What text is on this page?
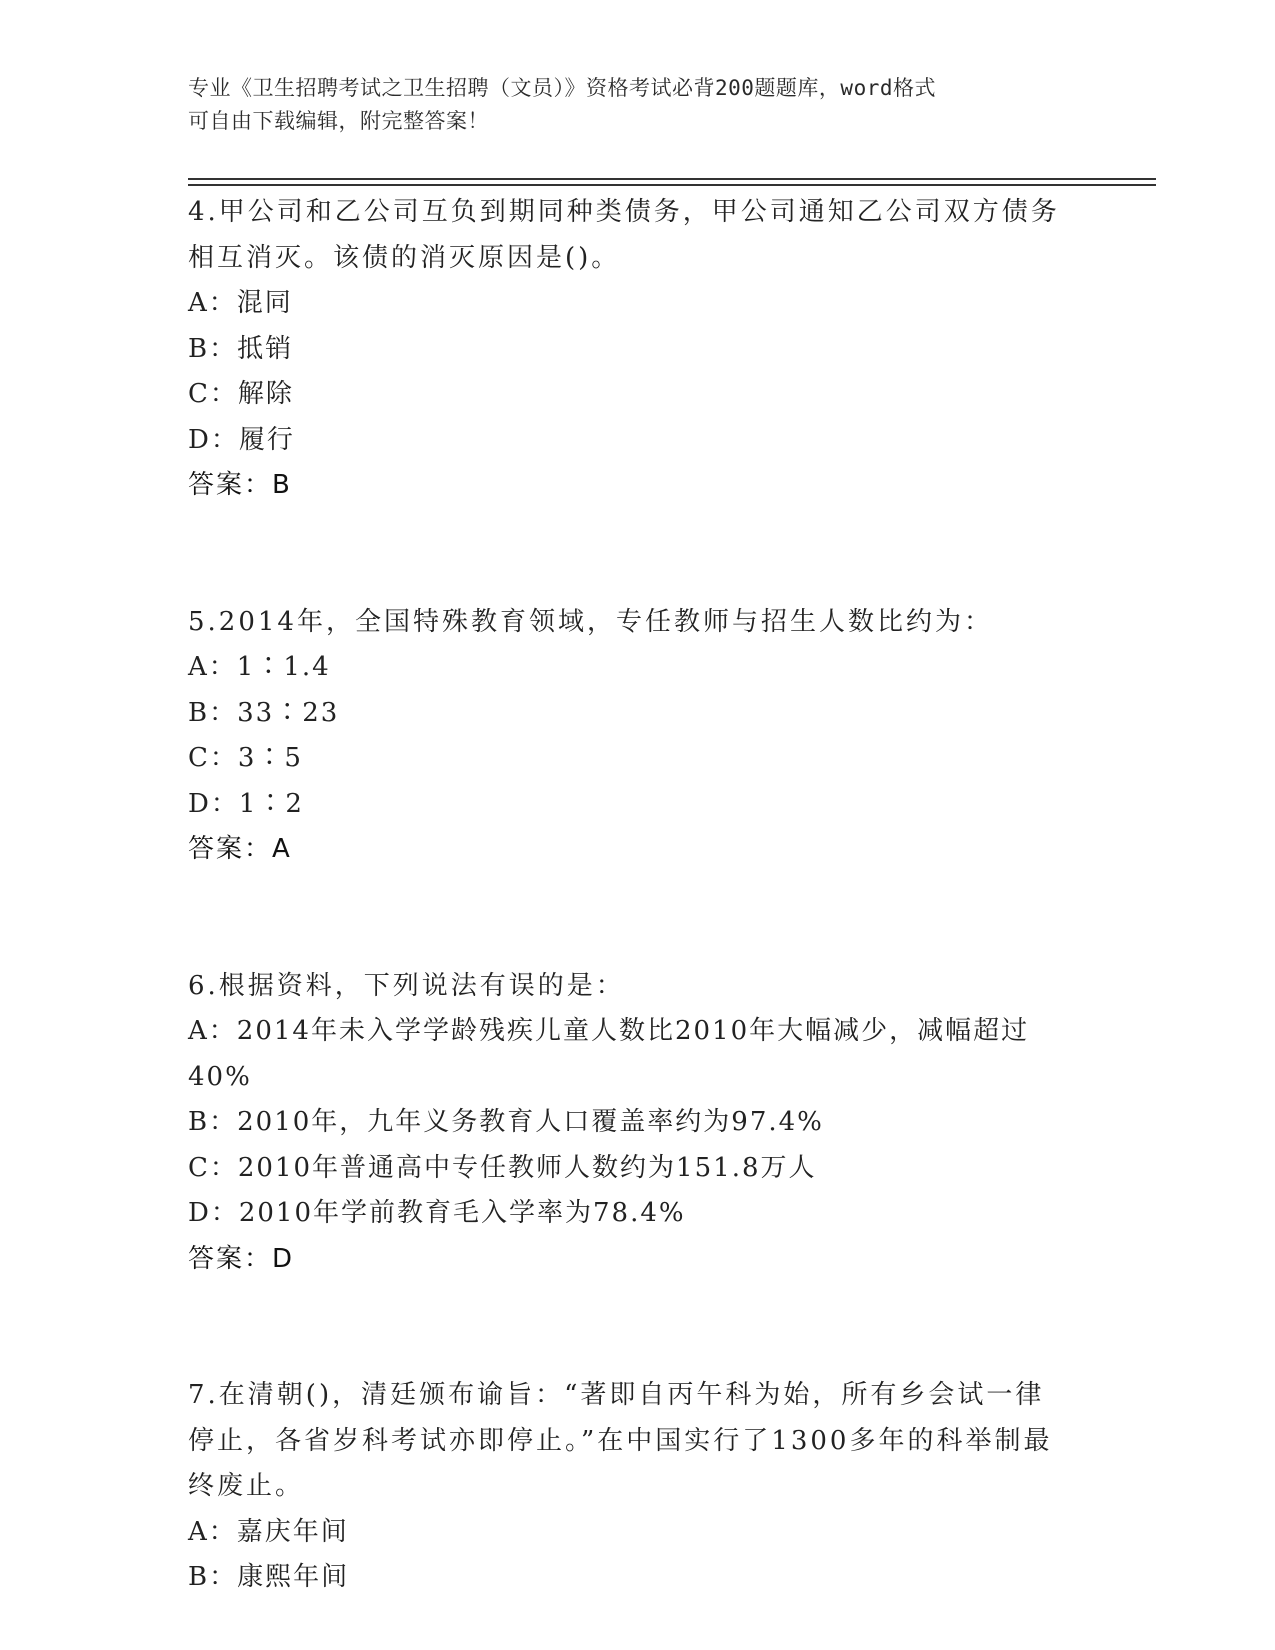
专业《卫生招聘考试之卫生招聘（文员）》资格考试必背200题题库，word格式
可自由下载编辑，附完整答案！
4.甲公司和乙公司互负到期同种类债务，甲公司通知乙公司双方债务
相互消灭。该债的消灭原因是()。
A：混同
B：抵销
C：解除
D：履行
答案：B
5.2014年，全国特殊教育领域，专任教师与招生人数比约为：
A：1∶1.4
B：33∶23
C：3∶5
D：1∶2
答案：A
6.根据资料，下列说法有误的是：
A：2014年未入学学龄残疾儿童人数比2010年大幅减少，减幅超过
40%
B：2010年，九年义务教育人口覆盖率约为97.4%
C：2010年普通高中专任教师人数约为151.8万人
D：2010年学前教育毛入学率为78.4%
答案：D
7.在清朝()，清廷颁布谕旨：“著即自丙午科为始，所有乡会试一律
停止，各省岁科考试亦即停止。”在中国实行了1300多年的科举制最
终废止。
A：嘉庆年间
B：康熙年间
